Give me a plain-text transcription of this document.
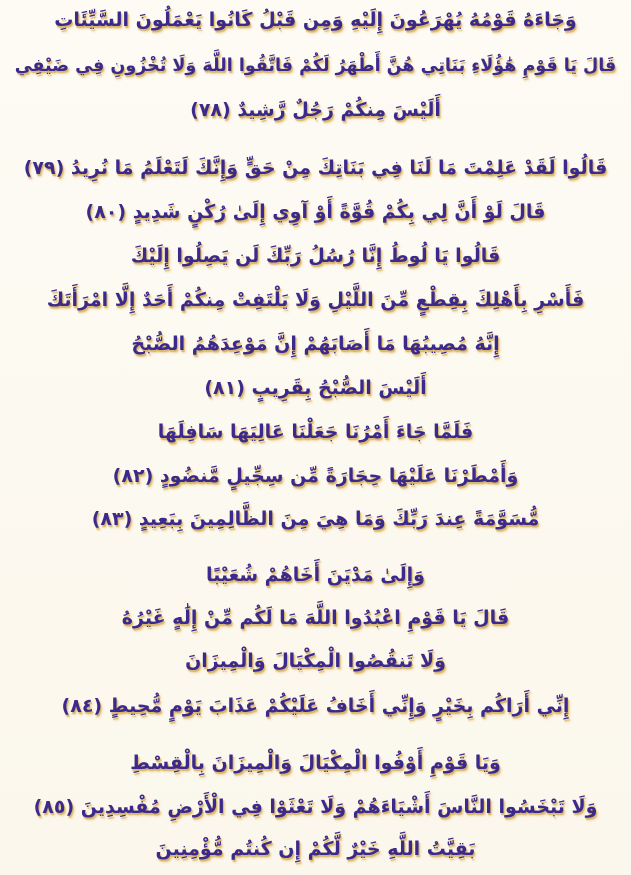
وَجَاءَهُ قَوْمُهُ يُهْرَعُونَ إِلَيْهِ وَمِن قَبْلُ كَانُوا يَعْمَلُونَ السَّيِّئَاتِ
قَالَ يَا قَوْمِ هَٰؤُلَاءِ بَنَاتِي هُنَّ أَطْهَرُ لَكُمْ فَاتَّقُوا اللَّهَ وَلَا تُخْزُونِ فِي ضَيْفِي
أَلَيْسَ مِنكُمْ رَجُلٌ رَّشِيدٌ (٧٨)
قَالُوا لَقَدْ عَلِمْتَ مَا لَنَا فِي بَنَاتِكَ مِنْ حَقٍّ وَإِنَّكَ لَتَعْلَمُ مَا نُرِيدُ (٧٩)
قَالَ لَوْ أَنَّ لِي بِكُمْ قُوَّةً أَوْ آوِي إِلَىٰ رُكْنٍ شَدِيدٍ (٨٠)
قَالُوا يَا لُوطُ إِنَّا رُسُلُ رَبِّكَ لَن يَصِلُوا إِلَيْكَ
فَأَسْرِ بِأَهْلِكَ بِقِطْعٍ مِّنَ اللَّيْلِ وَلَا يَلْتَفِتْ مِنكُمْ أَحَدٌ إِلَّا امْرَأَتَكَ
إِنَّهُ مُصِيبُهَا مَا أَصَابَهُمْ إِنَّ مَوْعِدَهُمُ الصُّبْحُ
أَلَيْسَ الصُّبْحُ بِقَرِيبٍ (٨١)
فَلَمَّا جَاءَ أَمْرُنَا جَعَلْنَا عَالِيَهَا سَافِلَهَا
وَأَمْطَرْنَا عَلَيْهَا حِجَارَةً مِّن سِجِّيلٍ مَّنضُودٍ (٨٢)
مُّسَوَّمَةً عِندَ رَبِّكَ وَمَا هِيَ مِنَ الظَّالِمِينَ بِبَعِيدٍ (٨٣)
وَإِلَىٰ مَدْيَنَ أَخَاهُمْ شُعَيْبًا
قَالَ يَا قَوْمِ اعْبُدُوا اللَّهَ مَا لَكُم مِّنْ إِلَٰهٍ غَيْرُهُ
وَلَا تَنقُصُوا الْمِكْيَالَ وَالْمِيزَانَ
إِنِّي أَرَاكُم بِخَيْرٍ وَإِنِّي أَخَافُ عَلَيْكُمْ عَذَابَ يَوْمٍ مُّحِيطٍ (٨٤)
وَيَا قَوْمِ أَوْفُوا الْمِكْيَالَ وَالْمِيزَانَ بِالْقِسْطِ
وَلَا تَبْخَسُوا النَّاسَ أَشْيَاءَهُمْ وَلَا تَعْثَوْا فِي الْأَرْضِ مُفْسِدِينَ (٨٥)
بَقِيَّتُ اللَّهِ خَيْرٌ لَّكُمْ إِن كُنتُم مُّؤْمِنِينَ
